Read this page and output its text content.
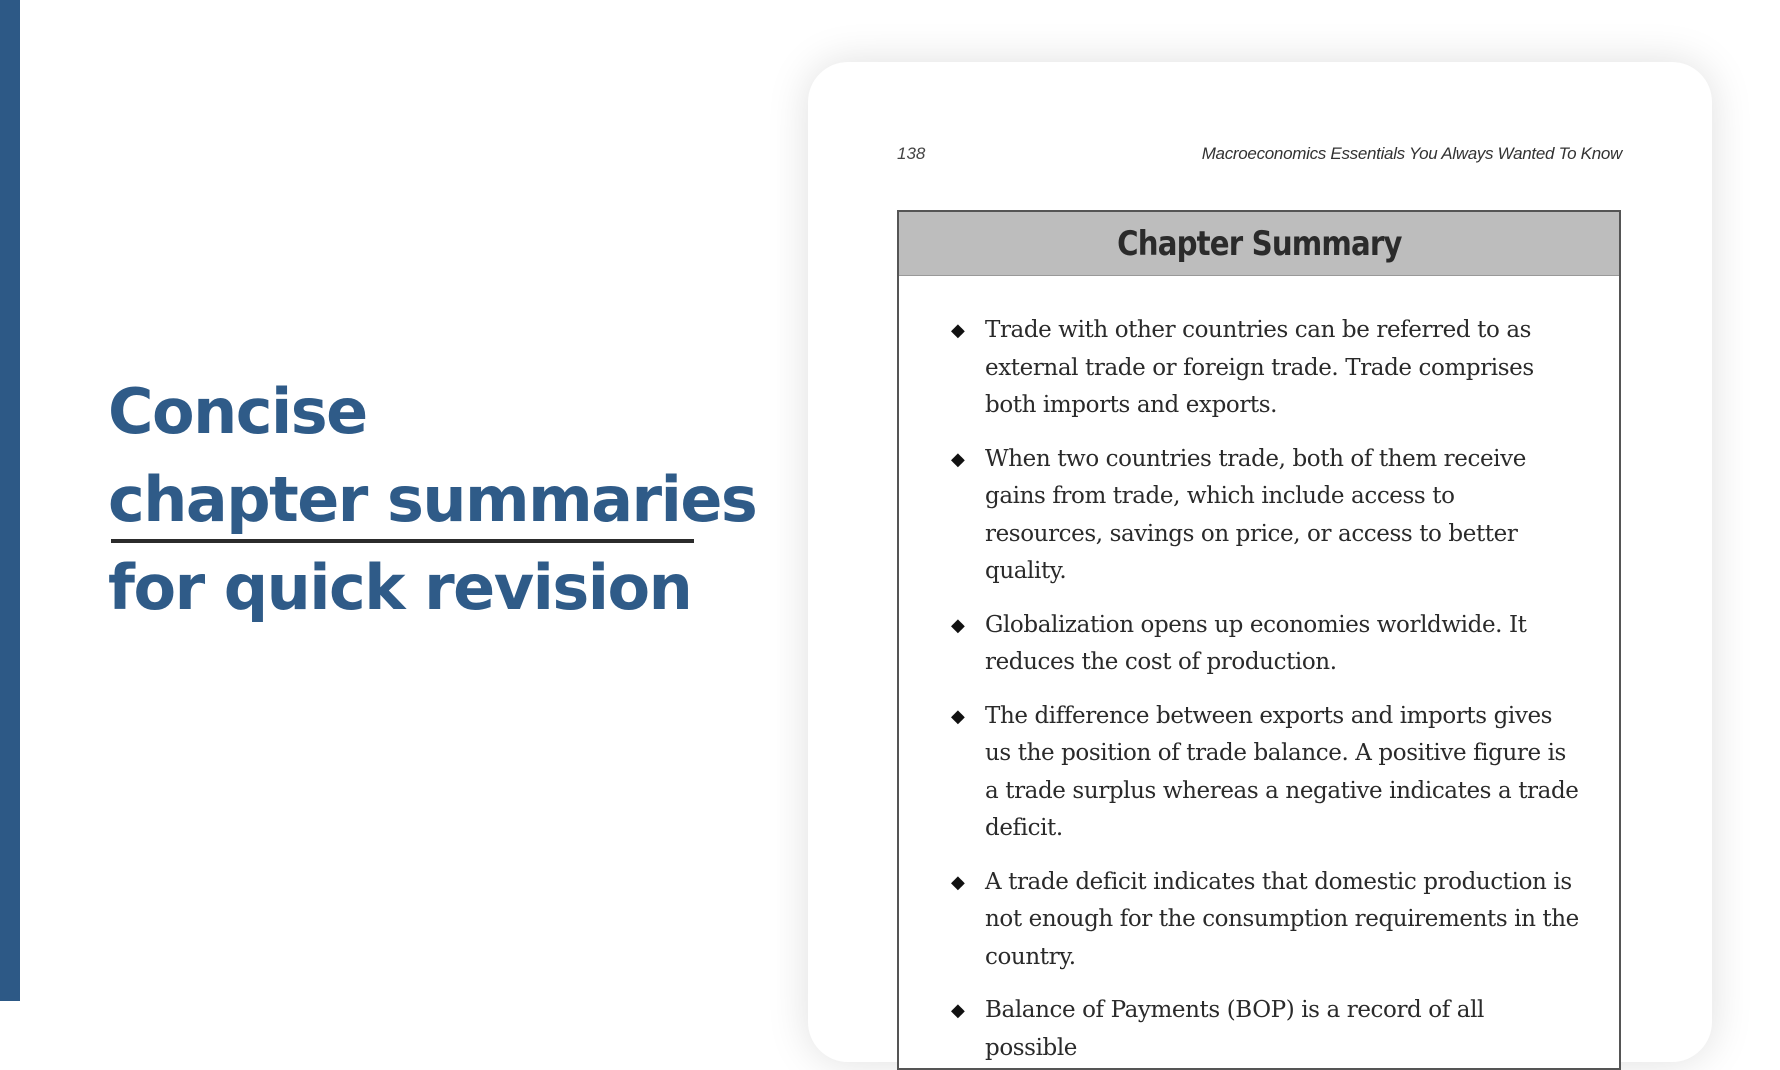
Concise
chapter summaries
for quick revision
138	Macroeconomics Essentials You Always Wanted To Know
Chapter Summary
◆ Trade with other countries can be referred to as external trade or foreign trade. Trade comprises both imports and exports.
◆ When two countries trade, both of them receive gains from trade, which include access to resources, savings on price, or access to better quality.
◆ Globalization opens up economies worldwide. It reduces the cost of production.
◆ The difference between exports and imports gives us the position of trade balance. A positive figure is a trade surplus whereas a negative indicates a trade deficit.
◆ A trade deficit indicates that domestic production is not enough for the consumption requirements in the country.
◆ Balance of Payments (BOP) is a record of all possible
